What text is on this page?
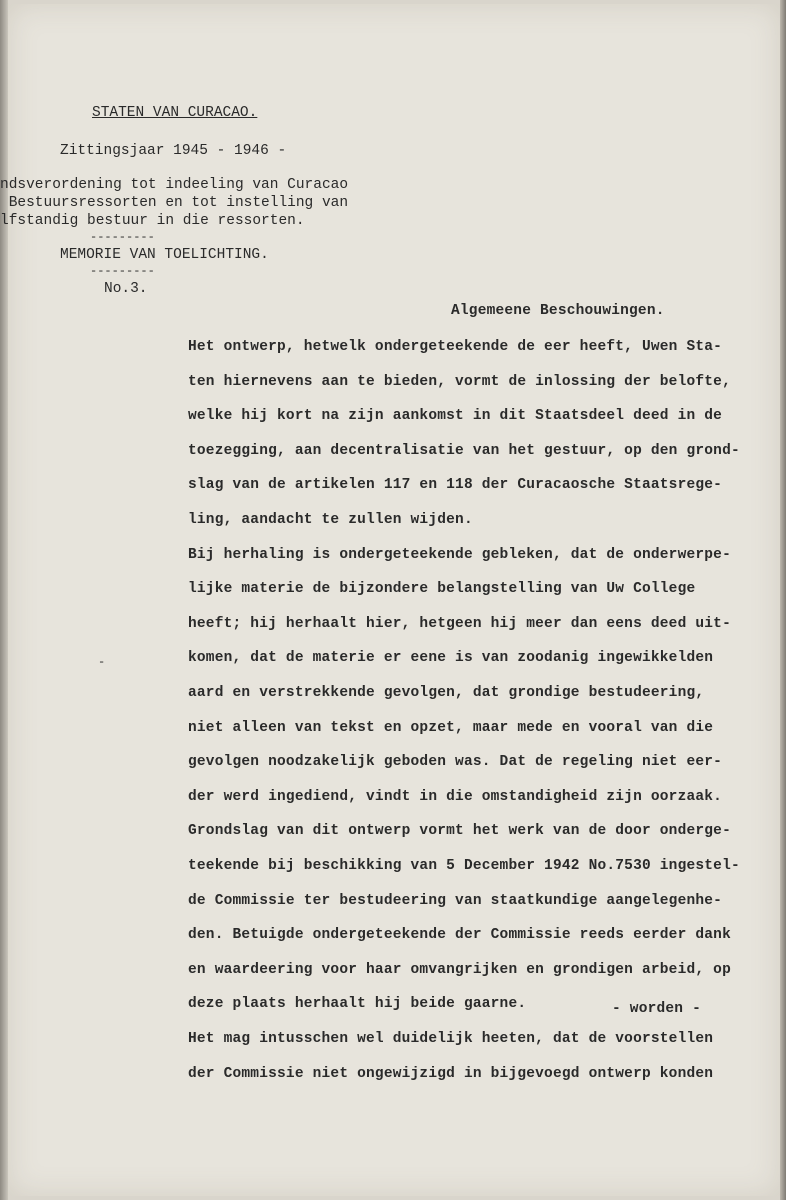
STATEN VAN CURACAO.
Zittingsjaar 1945 - 1946 -
ndsverordening tot indeeling van Curacao
Bestuursressorten en tot instelling van
lfstandig bestuur in die ressorten.
---------
MEMORIE VAN TOELICHTING.
---------
No.3.
Algemeene Beschouwingen.
Het ontwerp, hetwelk ondergeteekende de eer heeft, Uwen Sta-
ten hiernevens aan te bieden, vormt de inlossing der belofte,
welke hij kort na zijn aankomst in dit Staatsdeel deed in de
toezegging, aan decentralisatie van het gestuur, op den grond-
slag van de artikelen 117 en 118 der Curacaosche Staatsrege-
ling, aandacht te zullen wijden.
Bij herhaling is ondergeteekende gebleken, dat de onderwerpe-
lijke materie de bijzondere belangstelling van Uw College
heeft; hij herhaalt hier, hetgeen hij meer dan eens deed uit-
komen, dat de materie er eene is van zoodanig ingewikkelden
aard en verstrekkende gevolgen, dat grondige bestudeering,
niet alleen van tekst en opzet, maar mede en vooral van die
gevolgen noodzakelijk geboden was. Dat de regeling niet eer-
der werd ingediend, vindt in die omstandigheid zijn oorzaak.
Grondslag van dit ontwerp vormt het werk van de door onderge-
teekende bij beschikking van 5 December 1942 No.7530 ingestel-
de Commissie ter bestudeering van staatkundige aangelegenhe-
den. Betuigde ondergeteekende der Commissie reeds eerder dank
en waardeering voor haar omvangrijken en grondigen arbeid, op
deze plaats herhaalt hij beide gaarne.
Het mag intusschen wel duidelijk heeten, dat de voorstellen
der Commissie niet ongewijzigd in bijgevoegd ontwerp konden
- worden -
-
